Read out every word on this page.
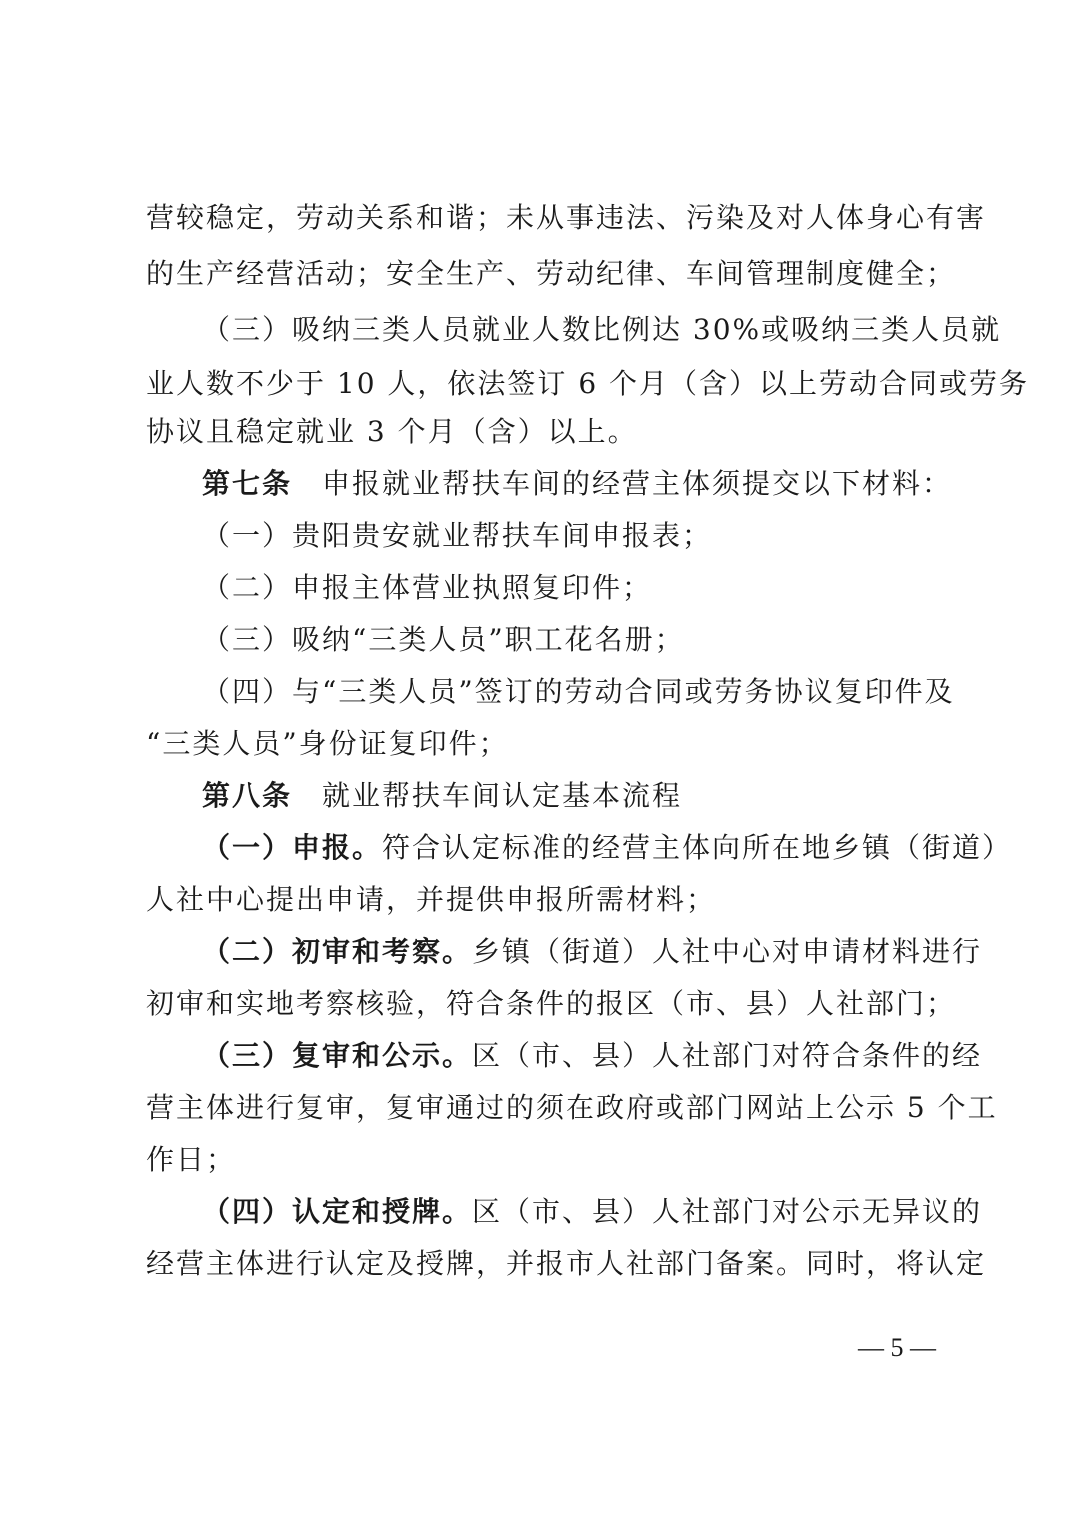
营较稳定，劳动关系和谐；未从事违法、污染及对人体身心有害
的生产经营活动；安全生产、劳动纪律、车间管理制度健全；
（三）吸纳三类人员就业人数比例达 30%或吸纳三类人员就
业人数不少于 10 人，依法签订 6 个月（含）以上劳动合同或劳务
协议且稳定就业 3 个月（含）以上。
第七条　申报就业帮扶车间的经营主体须提交以下材料：
（一）贵阳贵安就业帮扶车间申报表；
（二）申报主体营业执照复印件；
（三）吸纳“三类人员”职工花名册；
（四）与“三类人员”签订的劳动合同或劳务协议复印件及
“三类人员”身份证复印件；
第八条　就业帮扶车间认定基本流程
（一）申报。符合认定标准的经营主体向所在地乡镇（街道）
人社中心提出申请，并提供申报所需材料；
（二）初审和考察。乡镇（街道）人社中心对申请材料进行
初审和实地考察核验，符合条件的报区（市、县）人社部门；
（三）复审和公示。区（市、县）人社部门对符合条件的经
营主体进行复审，复审通过的须在政府或部门网站上公示 5 个工
作日；
（四）认定和授牌。区（市、县）人社部门对公示无异议的
经营主体进行认定及授牌，并报市人社部门备案。同时，将认定
— 5 —
